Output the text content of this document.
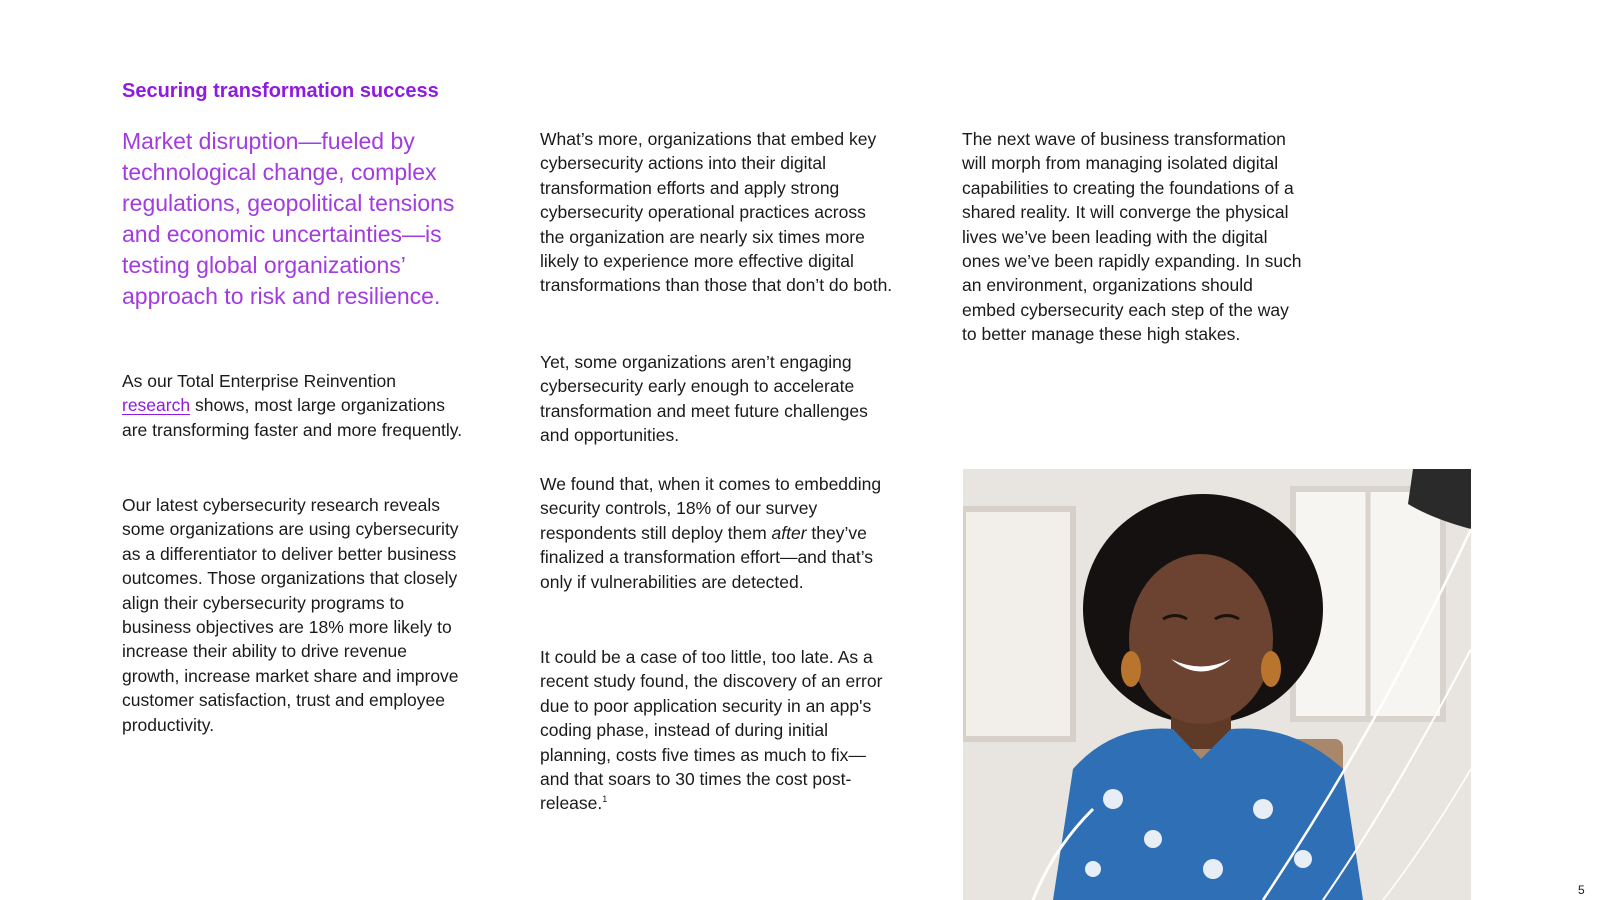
Securing transformation success

Market disruption—fueled by technological change, complex regulations, geopolitical tensions and economic uncertainties—is testing global organizations’ approach to risk and resilience.

As our Total Enterprise Reinvention research shows, most large organizations are transforming faster and more frequently.

Our latest cybersecurity research reveals some organizations are using cybersecurity as a differentiator to deliver better business outcomes. Those organizations that closely align their cybersecurity programs to business objectives are 18% more likely to increase their ability to drive revenue growth, increase market share and improve customer satisfaction, trust and employee productivity.

What’s more, organizations that embed key cybersecurity actions into their digital transformation efforts and apply strong cybersecurity operational practices across the organization are nearly six times more likely to experience more effective digital transformations than those that don’t do both.

Yet, some organizations aren’t engaging cybersecurity early enough to accelerate transformation and meet future challenges and opportunities.

We found that, when it comes to embedding security controls, 18% of our survey respondents still deploy them after they’ve finalized a transformation effort—and that’s only if vulnerabilities are detected.

It could be a case of too little, too late. As a recent study found, the discovery of an error due to poor application security in an app's coding phase, instead of during initial planning, costs five times as much to fix—and that soars to 30 times the cost post-release.$^1$

The next wave of business transformation will morph from managing isolated digital capabilities to creating the foundations of a shared reality. It will converge the physical lives we’ve been leading with the digital ones we’ve been rapidly expanding. In such an environment, organizations should embed cybersecurity each step of the way to better manage these high stakes.

5
